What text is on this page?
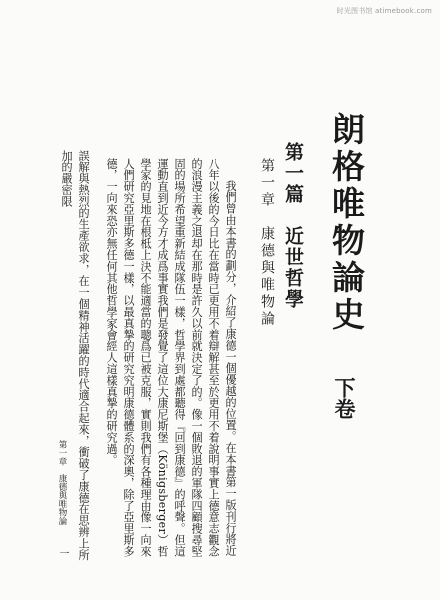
时光图书馆 atimebook.com
朗格唯物論史
下卷
第一篇　近世哲學
第一章　康德與唯物論

我們曾由本書的劃分，介紹了康德一個優越的位置。在本書第一版刊行將近八年以後的今日比在當時已更用不着辯解甚至於更用不着說明事實上德意志觀念的浪漫主義之退却在那時是許久以前就決定了的。像一個敗退的軍隊四顧搜尋堅固的場所希望重新結成隊伍一樣，哲學界到處都聽得『回到康德』的呼聲。但這運動直到近今方才成爲事實我們是發覺了這位大康尼斯堡（Königsberger）哲學家的見地在根柢上決不能適當的聰爲已被克服，實則我們有各種理由像一向來人們研究亞里斯多德一樣，以最真摯的研究究明康德體系的深奧，除了亞里斯多德，一向來恐亦無任何其他哲學家會經人這樣真摯的研究過。

誤解與熱烈的生產欲求，在一個精神活躍的時代適合起來，衝破了康德在思辨上所加的嚴密限
第一章　康德與唯物論
一
